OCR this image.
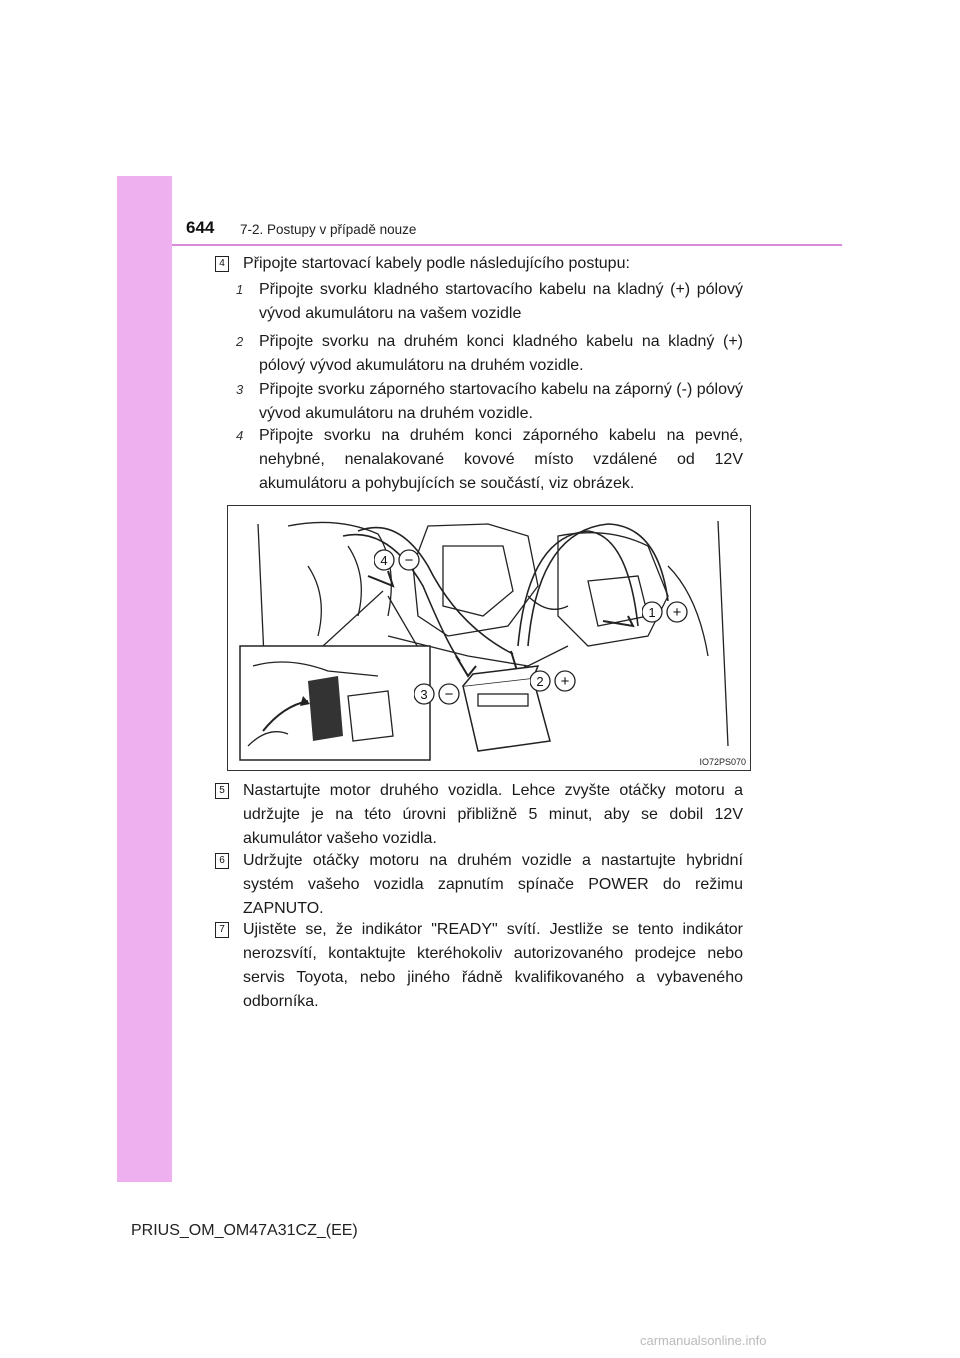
644 7-2. Postupy v případě nouze
4 Připojte startovací kabely podle následujícího postupu:
1 Připojte svorku kladného startovacího kabelu na kladný (+) pólový vývod akumulátoru na vašem vozidle
2 Připojte svorku na druhém konci kladného kabelu na kladný (+) pólový vývod akumulátoru na druhém vozidle.
3 Připojte svorku záporného startovacího kabelu na záporný (-) pólový vývod akumulátoru na druhém vozidle.
4 Připojte svorku na druhém konci záporného kabelu na pevné, nehybné, nenalakované kovové místo vzdálené od 12V akumulátoru a pohybujících se součástí, viz obrázek.
4 −
1 +
2 +
3 −
IO72PS070
5 Nastartujte motor druhého vozidla. Lehce zvyšte otáčky motoru a udržujte je na této úrovni přibližně 5 minut, aby se dobil 12V akumulátor vašeho vozidla.
6 Udržujte otáčky motoru na druhém vozidle a nastartujte hybridní systém vašeho vozidla zapnutím spínače POWER do režimu ZAPNUTO.
7 Ujistěte se, že indikátor "READY" svítí. Jestliže se tento indikátor nerozsvítí, kontaktujte kteréhokoliv autorizovaného prodejce nebo servis Toyota, nebo jiného řádně kvalifikovaného a vybaveného odborníka.
PRIUS_OM_OM47A31CZ_(EE)
carmanualsonline.info
